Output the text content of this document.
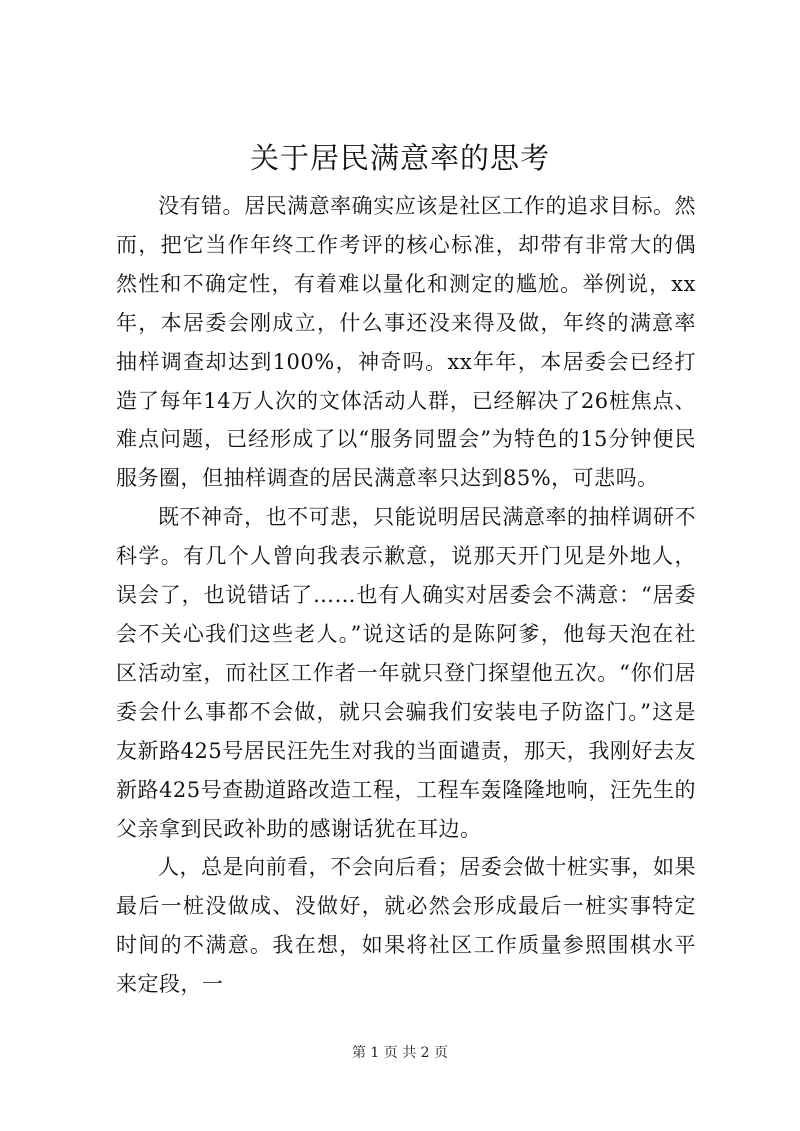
关于居民满意率的思考

没有错。居民满意率确实应该是社区工作的追求目标。然而，把它当作年终工作考评的核心标准，却带有非常大的偶然性和不确定性，有着难以量化和测定的尴尬。举例说，xx年，本居委会刚成立，什么事还没来得及做，年终的满意率抽样调查却达到100%，神奇吗。xx年年，本居委会已经打造了每年14万人次的文体活动人群，已经解决了26桩焦点、难点问题，已经形成了以“服务同盟会”为特色的15分钟便民服务圈，但抽样调查的居民满意率只达到85%，可悲吗。

既不神奇，也不可悲，只能说明居民满意率的抽样调研不科学。有几个人曾向我表示歉意，说那天开门见是外地人，误会了，也说错话了……也有人确实对居委会不满意：“居委会不关心我们这些老人。”说这话的是陈阿爹，他每天泡在社区活动室，而社区工作者一年就只登门探望他五次。“你们居委会什么事都不会做，就只会骗我们安装电子防盗门。”这是友新路425号居民汪先生对我的当面谴责，那天，我刚好去友新路425号查勘道路改造工程，工程车轰隆隆地响，汪先生的父亲拿到民政补助的感谢话犹在耳边。

人，总是向前看，不会向后看；居委会做十桩实事，如果最后一桩没做成、没做好，就必然会形成最后一桩实事特定时间的不满意。我在想，如果将社区工作质量参照围棋水平来定段，一

第 1 页 共 2 页
